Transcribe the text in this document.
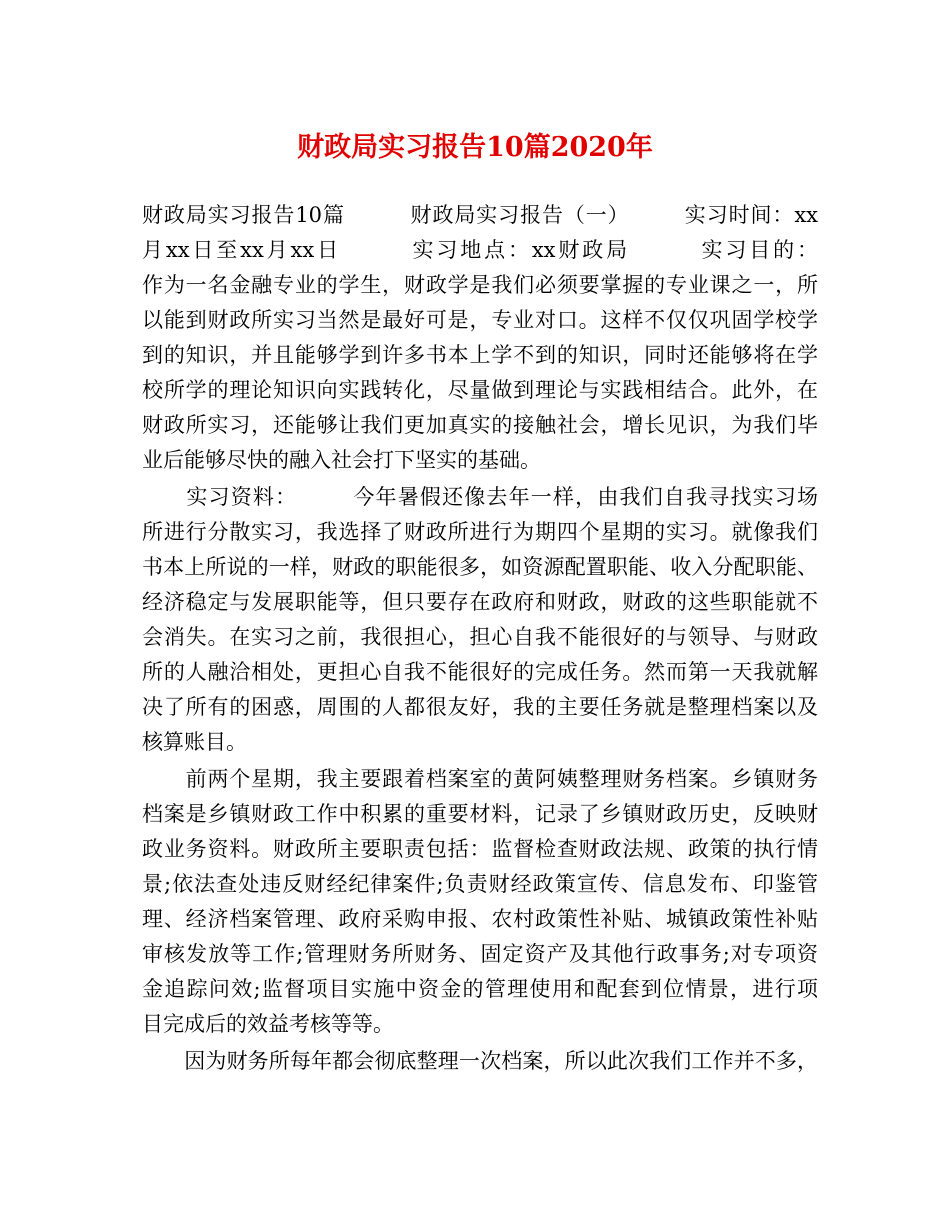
财政局实习报告10篇2020年
财政局实习报告10篇　　　财政局实习报告（一）　　　实习时间：xx
月xx日至xx月xx日　　　实习地点：xx财政局　　　实习目的：
作为一名金融专业的学生，财政学是我们必须要掌握的专业课之一，所
以能到财政所实习当然是最好可是，专业对口。这样不仅仅巩固学校学
到的知识，并且能够学到许多书本上学不到的知识，同时还能够将在学
校所学的理论知识向实践转化，尽量做到理论与实践相结合。此外，在
财政所实习，还能够让我们更加真实的接触社会，增长见识，为我们毕
业后能够尽快的融入社会打下坚实的基础。
　　实习资料：　　　今年暑假还像去年一样，由我们自我寻找实习场
所进行分散实习，我选择了财政所进行为期四个星期的实习。就像我们
书本上所说的一样，财政的职能很多，如资源配置职能、收入分配职能、
经济稳定与发展职能等，但只要存在政府和财政，财政的这些职能就不
会消失。在实习之前，我很担心，担心自我不能很好的与领导、与财政
所的人融洽相处，更担心自我不能很好的完成任务。然而第一天我就解
决了所有的困惑，周围的人都很友好，我的主要任务就是整理档案以及
核算账目。
　　前两个星期，我主要跟着档案室的黄阿姨整理财务档案。乡镇财务
档案是乡镇财政工作中积累的重要材料，记录了乡镇财政历史，反映财
政业务资料。财政所主要职责包括：监督检查财政法规、政策的执行情
景;依法查处违反财经纪律案件;负责财经政策宣传、信息发布、印鉴管
理、经济档案管理、政府采购申报、农村政策性补贴、城镇政策性补贴
审核发放等工作;管理财务所财务、固定资产及其他行政事务;对专项资
金追踪问效;监督项目实施中资金的管理使用和配套到位情景，进行项
目完成后的效益考核等等。
　　因为财务所每年都会彻底整理一次档案，所以此次我们工作并不多，
